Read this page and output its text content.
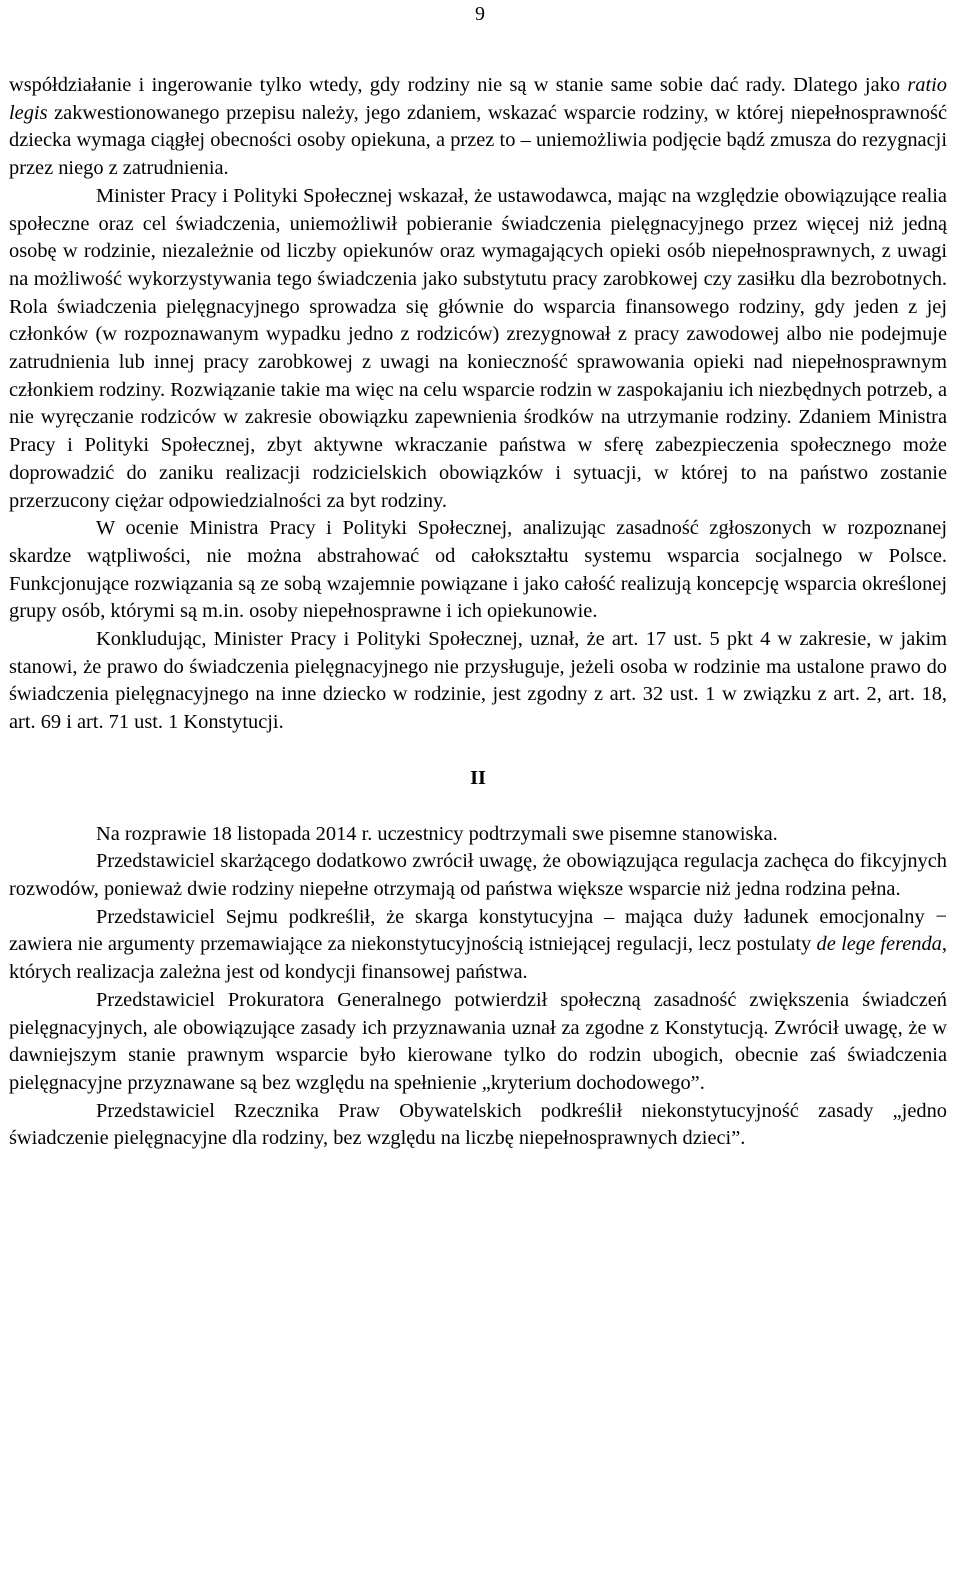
9

współdziałanie i ingerowanie tylko wtedy, gdy rodziny nie są w stanie same sobie dać rady. Dlatego jako ratio legis zakwestionowanego przepisu należy, jego zdaniem, wskazać wsparcie rodziny, w której niepełnosprawność dziecka wymaga ciągłej obecności osoby opiekuna, a przez to – uniemożliwia podjęcie bądź zmusza do rezygnacji przez niego z zatrudnienia.

Minister Pracy i Polityki Społecznej wskazał, że ustawodawca, mając na względzie obowiązujące realia społeczne oraz cel świadczenia, uniemożliwił pobieranie świadczenia pielęgnacyjnego przez więcej niż jedną osobę w rodzinie, niezależnie od liczby opiekunów oraz wymagających opieki osób niepełnosprawnych, z uwagi na możliwość wykorzystywania tego świadczenia jako substytutu pracy zarobkowej czy zasiłku dla bezrobotnych. Rola świadczenia pielęgnacyjnego sprowadza się głównie do wsparcia finansowego rodziny, gdy jeden z jej członków (w rozpoznawanym wypadku jedno z rodziców) zrezygnował z pracy zawodowej albo nie podejmuje zatrudnienia lub innej pracy zarobkowej z uwagi na konieczność sprawowania opieki nad niepełnosprawnym członkiem rodziny. Rozwiązanie takie ma więc na celu wsparcie rodzin w zaspokajaniu ich niezbędnych potrzeb, a nie wyręczanie rodziców w zakresie obowiązku zapewnienia środków na utrzymanie rodziny. Zdaniem Ministra Pracy i Polityki Społecznej, zbyt aktywne wkraczanie państwa w sferę zabezpieczenia społecznego może doprowadzić do zaniku realizacji rodzicielskich obowiązków i sytuacji, w której to na państwo zostanie przerzucony ciężar odpowiedzialności za byt rodziny.

W ocenie Ministra Pracy i Polityki Społecznej, analizując zasadność zgłoszonych w rozpoznanej skardze wątpliwości, nie można abstrahować od całokształtu systemu wsparcia socjalnego w Polsce. Funkcjonujące rozwiązania są ze sobą wzajemnie powiązane i jako całość realizują koncepcję wsparcia określonej grupy osób, którymi są m.in. osoby niepełnosprawne i ich opiekunowie.

Konkludując, Minister Pracy i Polityki Społecznej, uznał, że art. 17 ust. 5 pkt 4 w zakresie, w jakim stanowi, że prawo do świadczenia pielęgnacyjnego nie przysługuje, jeżeli osoba w rodzinie ma ustalone prawo do świadczenia pielęgnacyjnego na inne dziecko w rodzinie, jest zgodny z art. 32 ust. 1 w związku z art. 2, art. 18, art. 69 i art. 71 ust. 1 Konstytucji.

II

Na rozprawie 18 listopada 2014 r. uczestnicy podtrzymali swe pisemne stanowiska.

Przedstawiciel skarżącego dodatkowo zwrócił uwagę, że obowiązująca regulacja zachęca do fikcyjnych rozwodów, ponieważ dwie rodziny niepełne otrzymają od państwa większe wsparcie niż jedna rodzina pełna.

Przedstawiciel Sejmu podkreślił, że skarga konstytucyjna – mająca duży ładunek emocjonalny − zawiera nie argumenty przemawiające za niekonstytucyjnością istniejącej regulacji, lecz postulaty de lege ferenda, których realizacja zależna jest od kondycji finansowej państwa.

Przedstawiciel Prokuratora Generalnego potwierdził społeczną zasadność zwiększenia świadczeń pielęgnacyjnych, ale obowiązujące zasady ich przyznawania uznał za zgodne z Konstytucją. Zwrócił uwagę, że w dawniejszym stanie prawnym wsparcie było kierowane tylko do rodzin ubogich, obecnie zaś świadczenia pielęgnacyjne przyznawane są bez względu na spełnienie „kryterium dochodowego”.

Przedstawiciel Rzecznika Praw Obywatelskich podkreślił niekonstytucyjność zasady „jedno świadczenie pielęgnacyjne dla rodziny, bez względu na liczbę niepełnosprawnych dzieci”.
